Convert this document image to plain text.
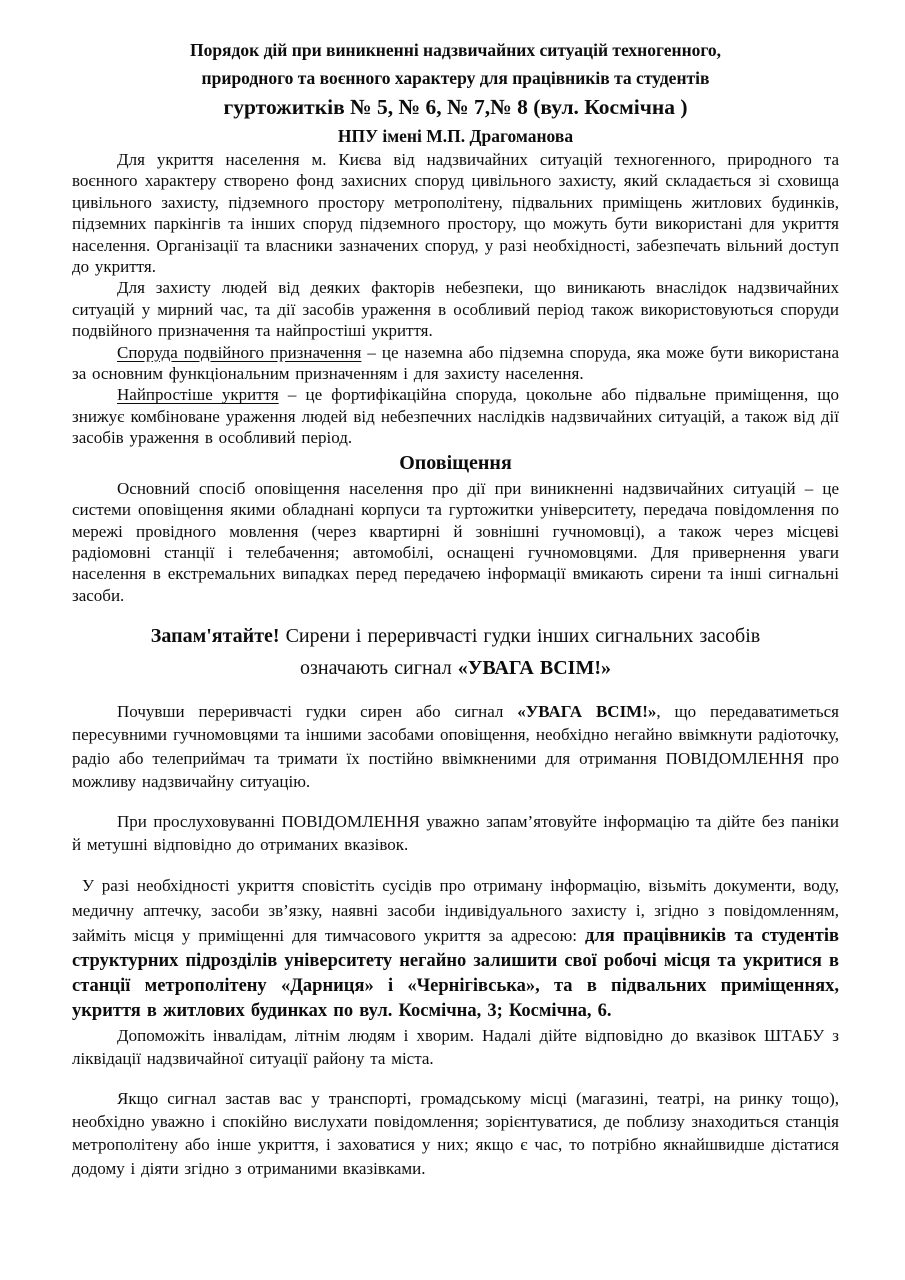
Порядок дій при виникненні надзвичайних ситуацій техногенного,
природного та воєнного характеру для працівників та студентів
гуртожитків № 5, № 6, № 7,№ 8 (вул. Космічна )
НПУ імені М.П. Драгоманова

Для укриття населення м. Києва від надзвичайних ситуацій техногенного, природного та воєнного характеру створено фонд захисних споруд цивільного захисту, який складається зі сховища цивільного захисту, підземного простору метрополітену, підвальних приміщень житлових будинків, підземних паркінгів та інших споруд підземного простору, що можуть бути використані для укриття населення. Організації та власники зазначених споруд, у разі необхідності, забезпечать вільний доступ до укриття.

Для захисту людей від деяких факторів небезпеки, що виникають внаслідок надзвичайних ситуацій у мирний час, та дії засобів ураження в особливий період також використовуються споруди подвійного призначення та найпростіші укриття.

Споруда подвійного призначення – це наземна або підземна споруда, яка може бути використана за основним функціональним призначенням і для захисту населення.

Найпростіше укриття – це фортифікаційна споруда, цокольне або підвальне приміщення, що знижує комбіноване ураження людей від небезпечних наслідків надзвичайних ситуацій, а також від дії засобів ураження в особливий період.

Оповіщення

Основний спосіб оповіщення населення про дії при виникненні надзвичайних ситуацій – це системи оповіщення якими обладнані корпуси та гуртожитки університету, передача повідомлення по мережі провідного мовлення (через квартирні й зовнішні гучномовці), а також через місцеві радіомовні станції і телебачення; автомобілі, оснащені гучномовцями. Для привернення уваги населення в екстремальних випадках перед передачею інформації вмикають сирени та інші сигнальні засоби.

Запам'ятайте! Сирени і переривчасті гудки інших сигнальних засобів
означають сигнал «УВАГА ВСІМ!»

Почувши переривчасті гудки сирен або сигнал «УВАГА ВСІМ!», що передаватиметься пересувними гучномовцями та іншими засобами оповіщення, необхідно негайно ввімкнути радіоточку, радіо або телеприймач та тримати їх постійно ввімкненими для отримання ПОВІДОМЛЕННЯ про можливу надзвичайну ситуацію.

При прослуховуванні ПОВІДОМЛЕННЯ уважно запам’ятовуйте інформацію та дійте без паніки й метушні відповідно до отриманих вказівок.

У разі необхідності укриття сповістіть сусідів про отриману інформацію, візьміть документи, воду, медичну аптечку, засоби зв’язку, наявні засоби індивідуального захисту і, згідно з повідомленням, займіть місця у приміщенні для тимчасового укриття за адресою: для працівників та студентів структурних підрозділів університету негайно залишити свої робочі місця та укритися в станції метрополітену «Дарниця» і «Чернігівська», та в підвальних приміщеннях, укриття в житлових будинках по вул. Космічна, 3; Космічна, 6.

Допоможіть інвалідам, літнім людям і хворим. Надалі дійте відповідно до вказівок ШТАБУ з ліквідації надзвичайної ситуації району та міста.

Якщо сигнал застав вас у транспорті, громадському місці (магазині, театрі, на ринку тощо), необхідно уважно і спокійно вислухати повідомлення; зорієнтуватися, де поблизу знаходиться станція метрополітену або інше укриття, і заховатися у них; якщо є час, то потрібно якнайшвидше дістатися додому і діяти згідно з отриманими вказівками.
